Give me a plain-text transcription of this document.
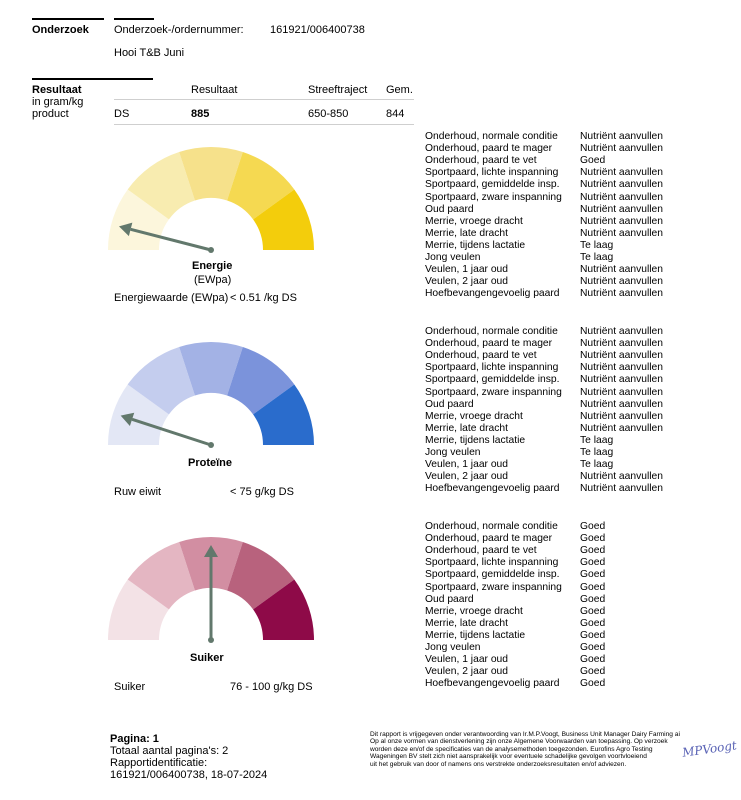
Onderzoek Onderzoek-/ordernummer: 161921/006400738
Hooi T&B Juni
Resultaat
in gram/kg
product
Resultaat	Streeftraject Gem.
DS	885	650-850	844
Energie
(EWpa)
Energiewaarde (EWpa) < 0.51 /kg DS
Onderhoud, normale conditie Nutriënt aanvullen
Onderhoud, paard te mager	Nutriënt aanvullen
Onderhoud, paard te vet	Goed
Sportpaard, lichte inspanning Nutriënt aanvullen
Sportpaard, gemiddelde insp. Nutriënt aanvullen
Sportpaard, zware inspanning Nutriënt aanvullen
Oud paard	Nutriënt aanvullen
Merrie, vroege dracht	Nutriënt aanvullen
Merrie, late dracht	Nutriënt aanvullen
Merrie, tijdens lactatie	Te laag
Jong veulen	Te laag
Veulen, 1 jaar oud	Nutriënt aanvullen
Veulen, 2 jaar oud	Nutriënt aanvullen
Hoefbevangengevoelig paard Nutriënt aanvullen
Proteïne
Ruw eiwit	< 75 g/kg DS
Onderhoud, normale conditie Nutriënt aanvullen
Onderhoud, paard te mager	Nutriënt aanvullen
Onderhoud, paard te vet	Nutriënt aanvullen
Sportpaard, lichte inspanning Nutriënt aanvullen
Sportpaard, gemiddelde insp. Nutriënt aanvullen
Sportpaard, zware inspanning Nutriënt aanvullen
Oud paard	Nutriënt aanvullen
Merrie, vroege dracht	Nutriënt aanvullen
Merrie, late dracht	Nutriënt aanvullen
Merrie, tijdens lactatie	Te laag
Jong veulen	Te laag
Veulen, 1 jaar oud	Te laag
Veulen, 2 jaar oud	Nutriënt aanvullen
Hoefbevangengevoelig paard Nutriënt aanvullen
Suiker
Suiker	76 - 100 g/kg DS
Onderhoud, normale conditie Goed
Onderhoud, paard te mager	Goed
Onderhoud, paard te vet	Goed
Sportpaard, lichte inspanning Goed
Sportpaard, gemiddelde insp. Goed
Sportpaard, zware inspanning Goed
Oud paard	Goed
Merrie, vroege dracht	Goed
Merrie, late dracht	Goed
Merrie, tijdens lactatie	Goed
Jong veulen	Goed
Veulen, 1 jaar oud	Goed
Veulen, 2 jaar oud	Goed
Hoefbevangengevoelig paard Goed
Pagina: 1
Totaal aantal pagina's: 2
Rapportidentificatie:
161921/006400738, 18-07-2024
Dit rapport is vrijgegeven onder verantwoording van Ir.M.P.Voogt, Business Unit Manager Dairy Farming ai
Op al onze vormen van dienstverlening zijn onze Algemene Voorwaarden van toepassing. Op verzoek
worden deze en/of de specificaties van de analysemethoden toegezonden. Eurofins Agro Testing
Wageningen BV stelt zich niet aansprakelijk voor eventuele schadelijke gevolgen voortvloeiend
uit het gebruik van door of namens ons verstrekte onderzoeksresultaten en/of adviezen.
MPVoogt
